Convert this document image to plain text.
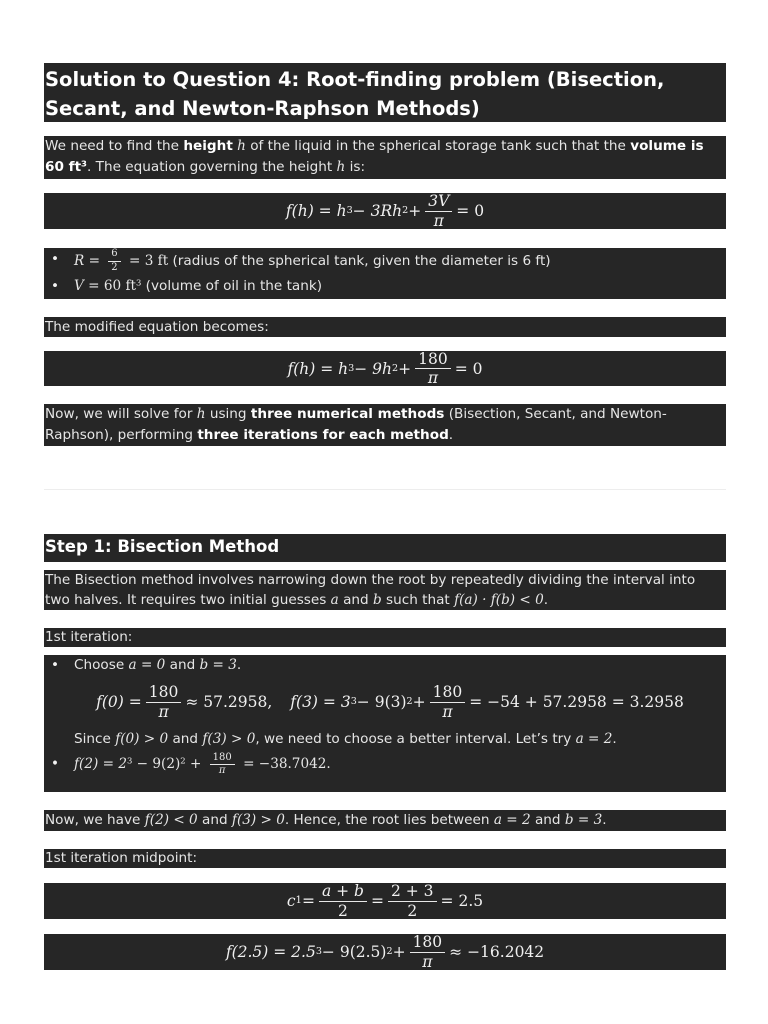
Solution to Question 4: Root-finding problem (Bisection, Secant, and Newton-Raphson Methods)
We need to find the height h of the liquid in the spherical storage tank such that the volume is 60 ft³. The equation governing the height h is:
f(h) = h 3 − 3Rh $2 + \frac{3V}{\pi} = 0$
• $R = \frac{6}{2} = 3$ ft (radius of the spherical tank, given the diameter is 6 ft)
• V = 60 $ft^3$ (volume of oil in the tank)
The modified equation becomes:
f(h) = h 3 − 9h $2 + \frac{180}{\pi} = 0$
Now, we will solve for h using three numerical methods (Bisection, Secant, and Newton-Raphson), performing three iterations for each method.
Step 1: Bisection Method
The Bisection method involves narrowing down the root by repeatedly dividing the interval into two halves. It requires two initial guesses a and b such that f(a) · f(b) < 0.
1st iteration:
• Choose a = 0 and b = 3.
$f(0) = \frac{180}{\pi} \approx 57.2958$, f(3) = 3 3 − 9(3) $2 + \frac{180}{\pi} = -54 + 57.2958 = 3.2958$
Since f(0) > 0 and f(3) > 0, we need to choose a better interval. Let’s try a = 2.
• $f(2) = 2^3 - 9(2)^2 + \frac{180}{\pi} = -38.7042$.
Now, we have f(2) < 0 and f(3) > 0. Hence, the root lies between a = 2 and b = 3.
1st iteration midpoint:
c $1 = \frac{a + b}{2} = \frac{2 + 3}{2} = 2.5$
f(2.5) = 2.5 3 − 9(2.5) $2 + \frac{180}{\pi} \approx -16.2042$
